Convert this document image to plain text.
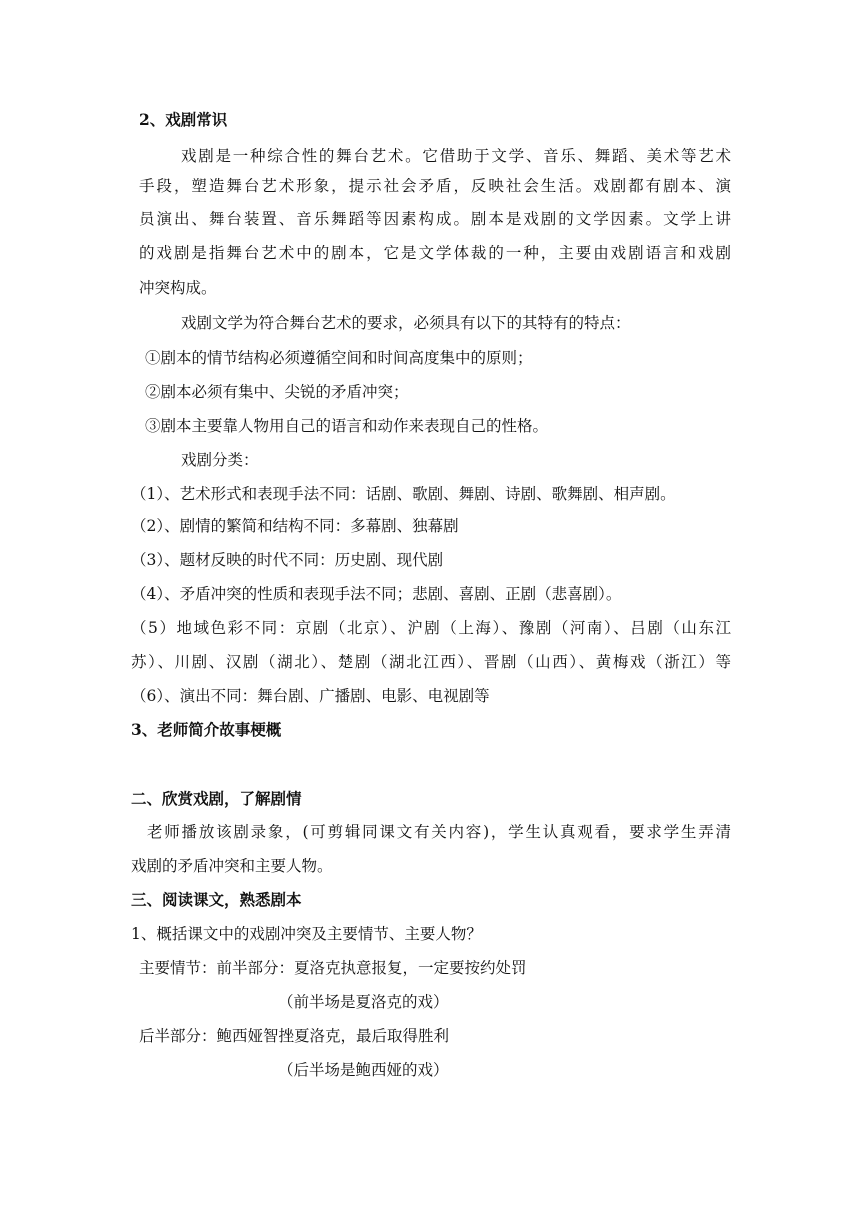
2、戏剧常识
戏剧是一种综合性的舞台艺术。它借助于文学、音乐、舞蹈、美术等艺术
手段，塑造舞台艺术形象，提示社会矛盾，反映社会生活。戏剧都有剧本、演
员演出、舞台装置、音乐舞蹈等因素构成。剧本是戏剧的文学因素。文学上讲
的戏剧是指舞台艺术中的剧本，它是文学体裁的一种，主要由戏剧语言和戏剧
冲突构成。
戏剧文学为符合舞台艺术的要求，必须具有以下的其特有的特点：
①剧本的情节结构必须遵循空间和时间高度集中的原则；
②剧本必须有集中、尖锐的矛盾冲突；
③剧本主要靠人物用自己的语言和动作来表现自己的性格。
戏剧分类：
（1）、艺术形式和表现手法不同：话剧、歌剧、舞剧、诗剧、歌舞剧、相声剧。
（2）、剧情的繁简和结构不同：多幕剧、独幕剧
（3）、题材反映的时代不同：历史剧、现代剧
（4）、矛盾冲突的性质和表现手法不同；悲剧、喜剧、正剧（悲喜剧）。
（5）地域色彩不同：京剧（北京）、沪剧（上海）、豫剧（河南）、吕剧（山东江
苏）、川剧、汉剧（湖北）、楚剧（湖北江西）、晋剧（山西）、黄梅戏（浙江）等
（6）、演出不同：舞台剧、广播剧、电影、电视剧等
3、老师简介故事梗概
二、欣赏戏剧，了解剧情
老师播放该剧录象，(可剪辑同课文有关内容)，学生认真观看，要求学生弄清
戏剧的矛盾冲突和主要人物。
三、阅读课文，熟悉剧本
1、概括课文中的戏剧冲突及主要情节、主要人物？
主要情节：前半部分：夏洛克执意报复，一定要按约处罚
（前半场是夏洛克的戏）
后半部分：鲍西娅智挫夏洛克，最后取得胜利
（后半场是鲍西娅的戏）
